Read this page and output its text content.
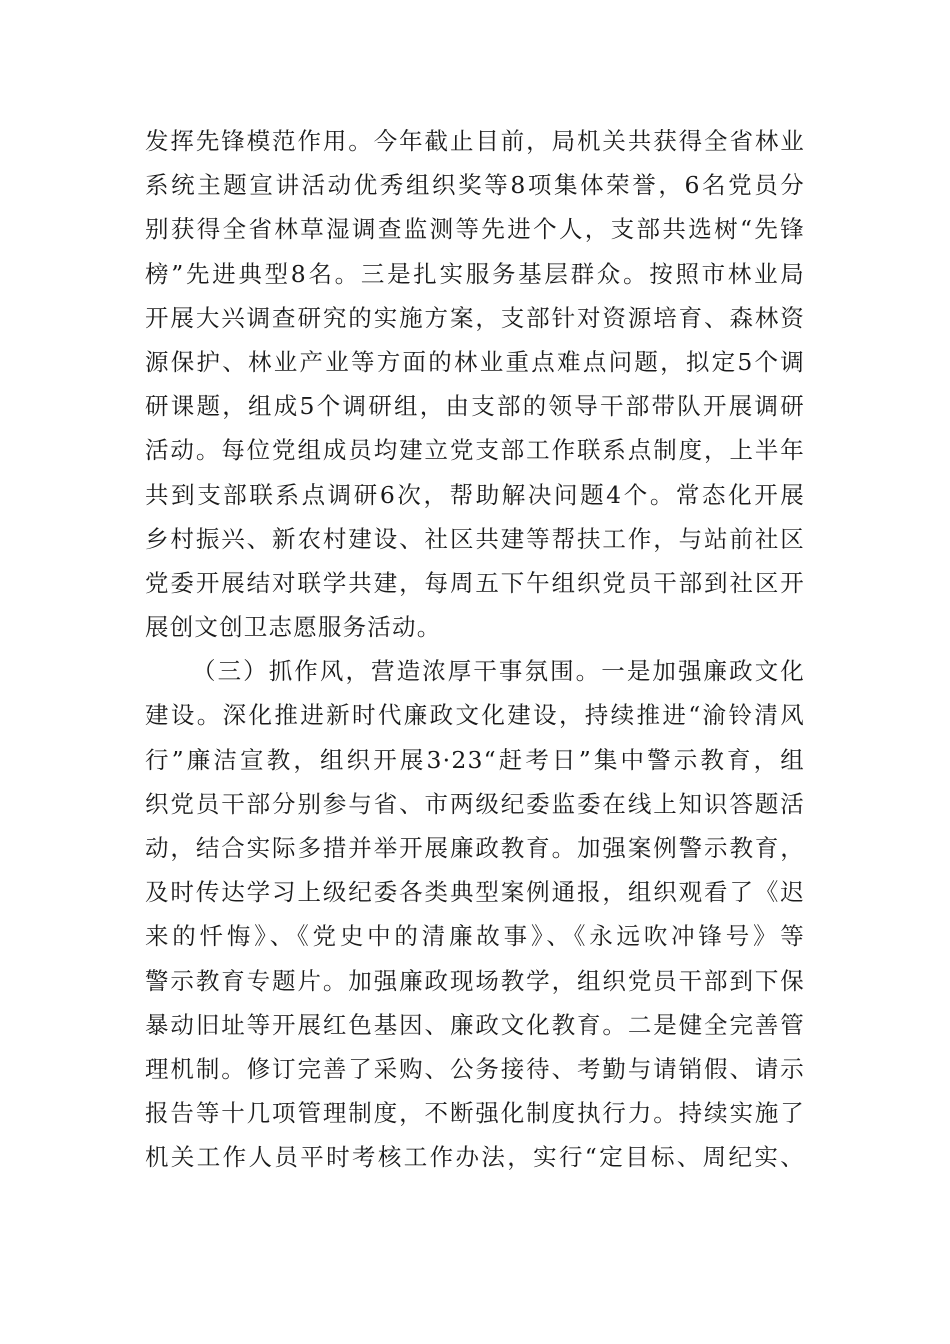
发挥先锋模范作用。今年截止目前，局机关共获得全省林业
系统主题宣讲活动优秀组织奖等8项集体荣誉，6名党员分
别获得全省林草湿调查监测等先进个人，支部共选树“先锋
榜”先进典型8名。三是扎实服务基层群众。按照市林业局
开展大兴调查研究的实施方案，支部针对资源培育、森林资
源保护、林业产业等方面的林业重点难点问题，拟定5个调
研课题，组成5个调研组，由支部的领导干部带队开展调研
活动。每位党组成员均建立党支部工作联系点制度，上半年
共到支部联系点调研6次，帮助解决问题4个。常态化开展
乡村振兴、新农村建设、社区共建等帮扶工作，与站前社区
党委开展结对联学共建，每周五下午组织党员干部到社区开
展创文创卫志愿服务活动。
（三）抓作风，营造浓厚干事氛围。一是加强廉政文化
建设。深化推进新时代廉政文化建设，持续推进“渝铃清风
行”廉洁宣教，组织开展3·23“赶考日”集中警示教育，组
织党员干部分别参与省、市两级纪委监委在线上知识答题活
动，结合实际多措并举开展廉政教育。加强案例警示教育，
及时传达学习上级纪委各类典型案例通报，组织观看了《迟
来的忏悔》、《党史中的清廉故事》、《永远吹冲锋号》等
警示教育专题片。加强廉政现场教学，组织党员干部到下保
暴动旧址等开展红色基因、廉政文化教育。二是健全完善管
理机制。修订完善了采购、公务接待、考勤与请销假、请示
报告等十几项管理制度，不断强化制度执行力。持续实施了
机关工作人员平时考核工作办法，实行“定目标、周纪实、
